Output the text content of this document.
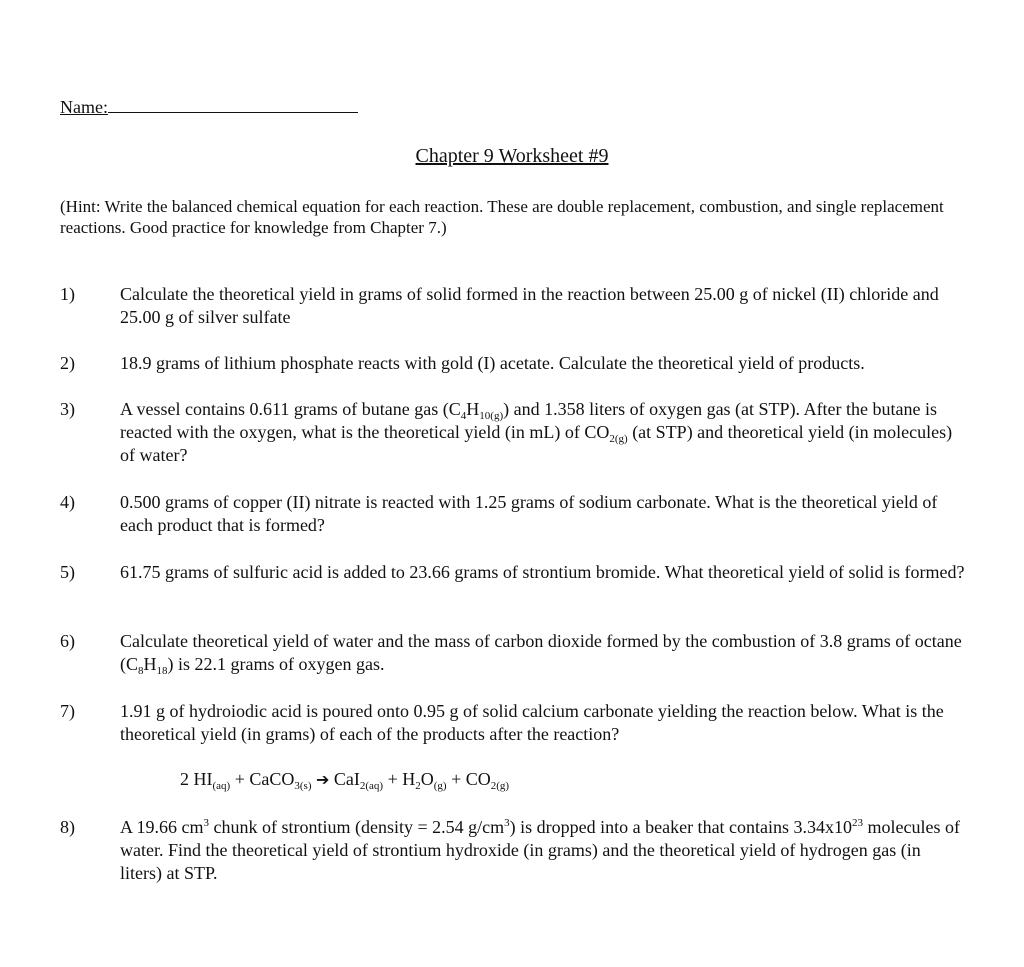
Name:
Chapter 9 Worksheet #9
(Hint: Write the balanced chemical equation for each reaction. These are double replacement, combustion, and single replacement reactions. Good practice for knowledge from Chapter 7.)
1)	Calculate the theoretical yield in grams of solid formed in the reaction between 25.00 g of nickel (II) chloride and 25.00 g of silver sulfate
2)	18.9 grams of lithium phosphate reacts with gold (I) acetate. Calculate the theoretical yield of products.
3)	A vessel contains 0.611 grams of butane gas $(C_4H_{10(g)})$ and 1.358 liters of oxygen gas (at STP). After the butane is reacted with the oxygen, what is the theoretical yield (in mL) of $CO_{2(g)}$ (at STP) and theoretical yield (in molecules) of water?
4)	0.500 grams of copper (II) nitrate is reacted with 1.25 grams of sodium carbonate. What is the theoretical yield of each product that is formed?
5)	61.75 grams of sulfuric acid is added to 23.66 grams of strontium bromide. What theoretical yield of solid is formed?
6)	Calculate theoretical yield of water and the mass of carbon dioxide formed by the combustion of 3.8 grams of octane $(C_8H_{18})$ is 22.1 grams of oxygen gas.
7)	1.91 g of hydroiodic acid is poured onto 0.95 g of solid calcium carbonate yielding the reaction below. What is the theoretical yield (in grams) of each of the products after the reaction?
2 $HI_{(aq)}$ + CaCO$_{3(s)}$ ➔ $CaI_{2(aq)} + H_2O_{(g)} + CO_{2(g)}$
8)	A 19.66 $cm^3$ chunk of strontium (density = 2.54 $g/cm^3$) is dropped into a beaker that contains $3.34x10^{23}$ molecules of water. Find the theoretical yield of strontium hydroxide (in grams) and the theoretical yield of hydrogen gas (in liters) at STP.
